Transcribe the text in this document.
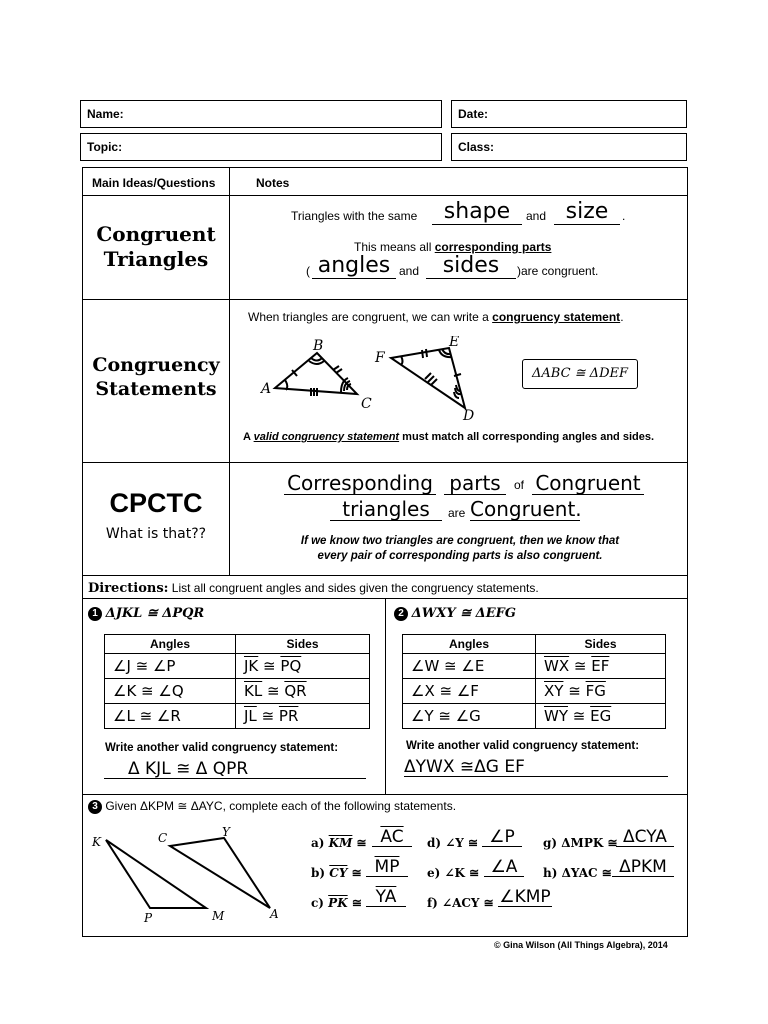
Name:	Date:
Topic:	Class:
Main Ideas/Questions	Notes
Congruent
Triangles
Triangles with the same	shape	and size	.
This means all corresponding parts
( angles and	sides	)are congruent.
Congruency
Statements
When triangles are congruent, we can write a congruency statement.
A
B
C
F
E
D
ΔABC ≅ ΔDEF
A valid congruency statement must match all corresponding angles and sides.
CPCTC
What is that??
Corresponding parts	of Congruent
triangles	are Congruent.
If we know two triangles are congruent, then we know that
every pair of corresponding parts is also congruent.
Directions: List all congruent angles and sides given the congruency statements.
1 ΔJKL ≅ ΔPQR
Angles	Sides
∠J ≅ ∠P	$\overline{JK}$ ≅ $\overline{PQ}$
∠K ≅ ∠Q	$\overline{KL}$ ≅ $\overline{QR}$
∠L ≅ ∠R	$\overline{JL}$ ≅ $\overline{PR}$
Write another valid congruency statement:
Δ KJL ≅ Δ QPR
2 ΔWXY ≅ ΔEFG
Angles	Sides
∠W ≅ ∠E	$\overline{WX}$ ≅ $\overline{EF}$
∠X ≅ ∠F	$\overline{XY}$ ≅ $\overline{FG}$
∠Y ≅ ∠G	$\overline{WY}$ ≅ $\overline{EG}$
Write another valid congruency statement:
ΔYWX ≅ΔG EF
3 Given ΔKPM ≅ ΔAYC, complete each of the following statements.
K	C	Y
P	M	A
a) $\overline{KM}$ ≅ $\overline{AC}$
b) $\overline{CY}$ ≅ $\overline{MP}$
c) $\overline{PK}$ ≅ $\overline{YA}$
d) ∠Y ≅ ∠P
e) ∠K ≅ ∠A
f) ∠ACY ≅ ∠KMP
g) ΔMPK ≅ ΔCYA
h) ΔYAC ≅ ΔPKM
© Gina Wilson (All Things Algebra), 2014
